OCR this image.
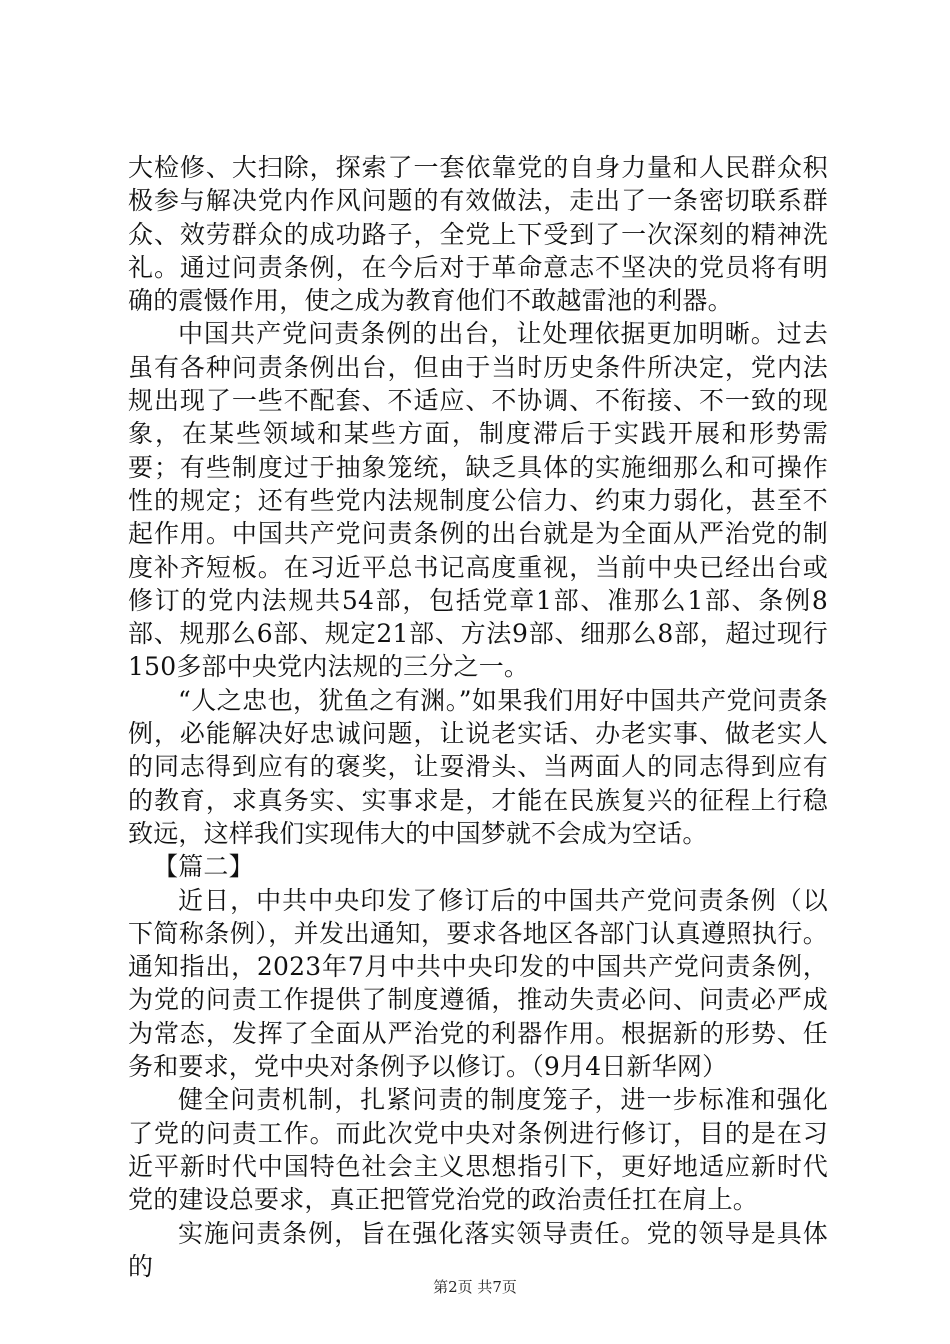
大检修、大扫除，探索了一套依靠党的自身力量和人民群众积极参与解决党内作风问题的有效做法，走出了一条密切联系群众、效劳群众的成功路子，全党上下受到了一次深刻的精神洗礼。通过问责条例，在今后对于革命意志不坚决的党员将有明确的震慑作用，使之成为教育他们不敢越雷池的利器。

中国共产党问责条例的出台，让处理依据更加明晰。过去虽有各种问责条例出台，但由于当时历史条件所决定，党内法规出现了一些不配套、不适应、不协调、不衔接、不一致的现象，在某些领域和某些方面，制度滞后于实践开展和形势需要；有些制度过于抽象笼统，缺乏具体的实施细那么和可操作性的规定；还有些党内法规制度公信力、约束力弱化，甚至不起作用。中国共产党问责条例的出台就是为全面从严治党的制度补齐短板。在习近平总书记高度重视，当前中央已经出台或修订的党内法规共54部，包括党章1部、准那么1部、条例8部、规那么6部、规定21部、方法9部、细那么8部，超过现行150多部中央党内法规的三分之一。

“人之忠也，犹鱼之有渊。”如果我们用好中国共产党问责条例，必能解决好忠诚问题，让说老实话、办老实事、做老实人的同志得到应有的褒奖，让耍滑头、当两面人的同志得到应有的教育，求真务实、实事求是，才能在民族复兴的征程上行稳致远，这样我们实现伟大的中国梦就不会成为空话。

【篇二】

近日，中共中央印发了修订后的中国共产党问责条例（以下简称条例），并发出通知，要求各地区各部门认真遵照执行。通知指出，2023年7月中共中央印发的中国共产党问责条例，为党的问责工作提供了制度遵循，推动失责必问、问责必严成为常态，发挥了全面从严治党的利器作用。根据新的形势、任务和要求，党中央对条例予以修订。（9月4日新华网）

健全问责机制，扎紧问责的制度笼子，进一步标准和强化了党的问责工作。而此次党中央对条例进行修订，目的是在习近平新时代中国特色社会主义思想指引下，更好地适应新时代党的建设总要求，真正把管党治党的政治责任扛在肩上。

实施问责条例，旨在强化落实领导责任。党的领导是具体的

第2页 共7页
